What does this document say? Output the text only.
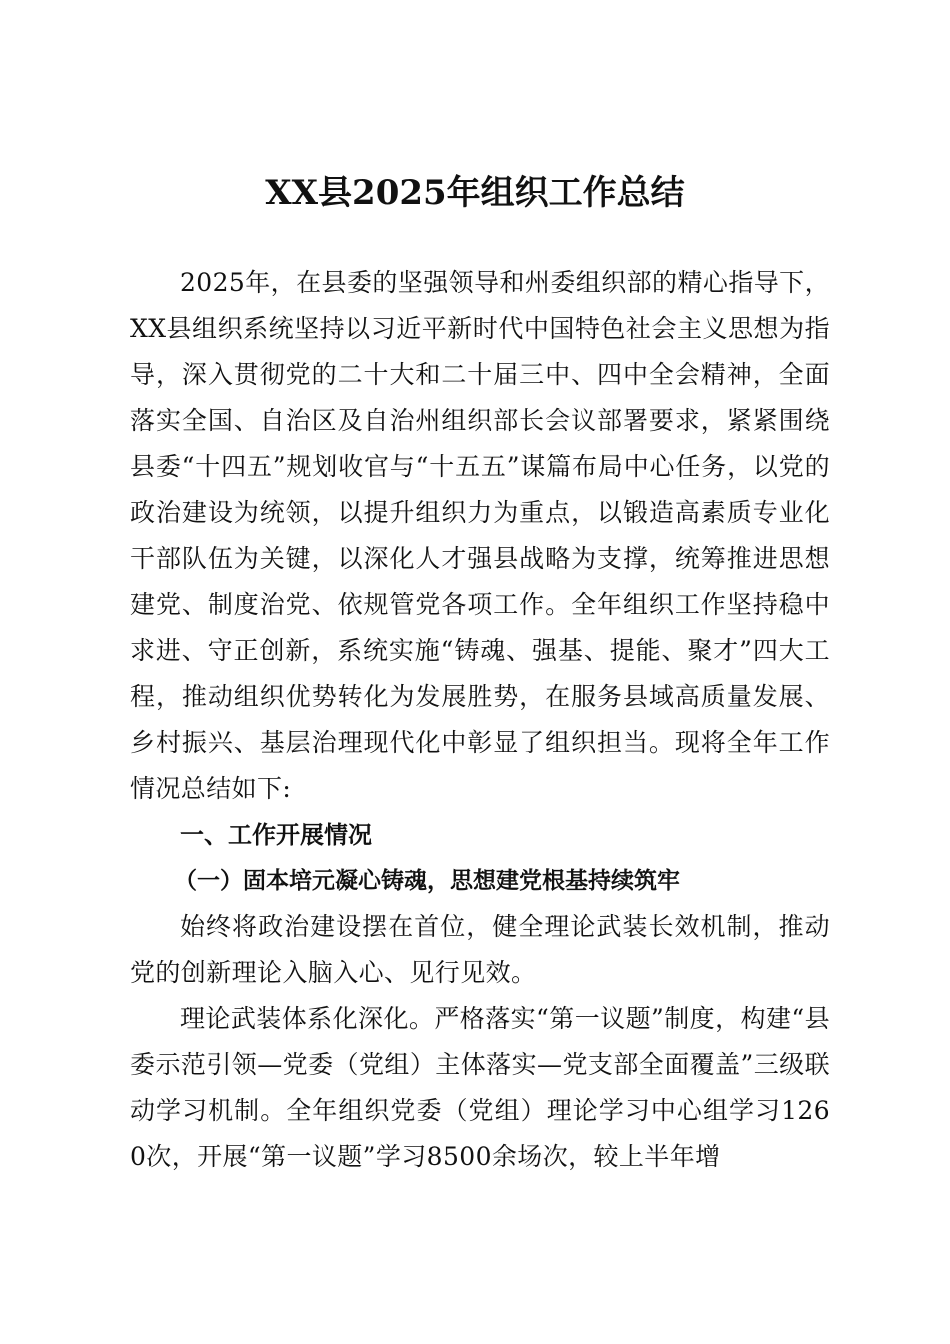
XX县2025年组织工作总结

2025年，在县委的坚强领导和州委组织部的精心指导下，XX县组织系统坚持以习近平新时代中国特色社会主义思想为指导，深入贯彻党的二十大和二十届三中、四中全会精神，全面落实全国、自治区及自治州组织部长会议部署要求，紧紧围绕县委“十四五”规划收官与“十五五”谋篇布局中心任务，以党的政治建设为统领，以提升组织力为重点，以锻造高素质专业化干部队伍为关键，以深化人才强县战略为支撑，统筹推进思想建党、制度治党、依规管党各项工作。全年组织工作坚持稳中求进、守正创新，系统实施“铸魂、强基、提能、聚才”四大工程，推动组织优势转化为发展胜势，在服务县域高质量发展、乡村振兴、基层治理现代化中彰显了组织担当。现将全年工作情况总结如下:

一、工作开展情况

（一）固本培元凝心铸魂，思想建党根基持续筑牢

始终将政治建设摆在首位，健全理论武装长效机制，推动党的创新理论入脑入心、见行见效。

理论武装体系化深化。严格落实“第一议题”制度，构建“县委示范引领—党委（党组）主体落实—党支部全面覆盖”三级联动学习机制。全年组织党委（党组）理论学习中心组学习1260次，开展“第一议题”学习8500余场次，较上半年增
